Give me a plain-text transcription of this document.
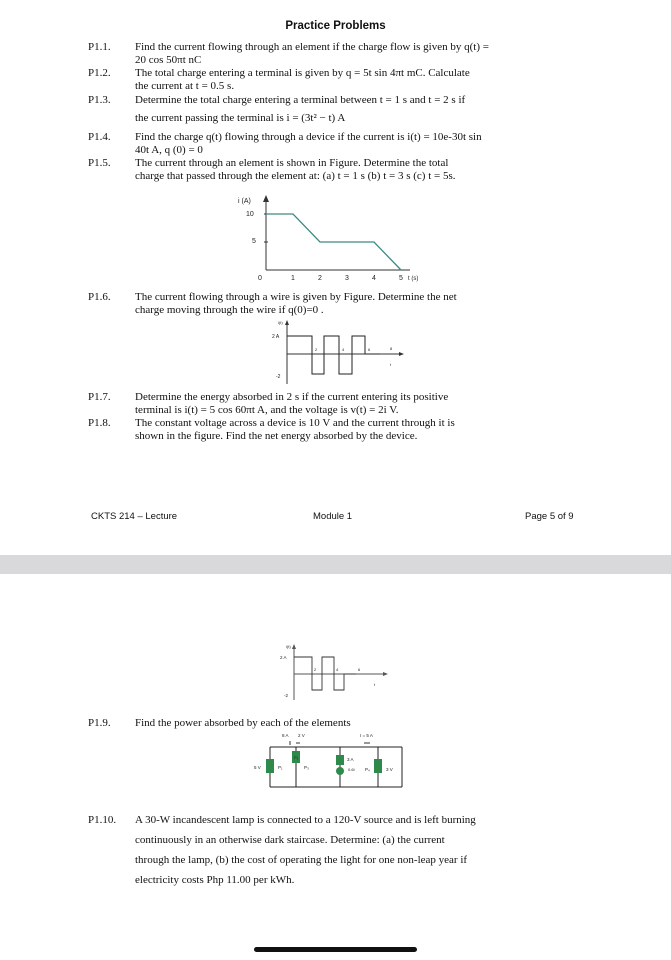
Practice Problems
P1.1.	Find the current flowing through an element if the charge flow is given by q(t) =
20 cos 50πt nC
P1.2.	The total charge entering a terminal is given by q = 5t sin 4πt mC. Calculate
the current at t = 0.5 s.
P1.3.	Determine the total charge entering a terminal between t = 1 s and t = 2 s if
the current passing the terminal is i = (3t² − t) A
P1.4.	Find the charge q(t) flowing through a device if the current is i(t) = 10e-30t sin
40t A, q (0) = 0
P1.5.	The current through an element is shown in Figure. Determine the total
charge that passed through the element at: (a) t = 1 s (b) t = 3 s (c) t = 5s.
i (A)
10
5
0	1	2	3	4	5 t (s)
P1.6.	The current flowing through a wire is given by Figure. Determine the net
charge moving through the wire if q(0)=0 .
i(t)
2 A
-2
2	4	6	8
t
P1.7.	Determine the energy absorbed in 2 s if the current entering its positive
terminal is i(t) = 5 cos 60πt A, and the voltage is v(t) = 2i V.
P1.8.	The constant voltage across a device is 10 V and the current through it is
shown in the figure. Find the net energy absorbed by the device.
CKTS 214 – Lecture	Module 1	Page 5 of 9
i(t)
2 A
-2
2	4	6
t
P1.9.	Find the power absorbed by each of the elements
8 A 2 V	I = 5 A
5 V	P₁
P₂
P₃
3 A
0.6I P₄	3 V
P1.10. A 30-W incandescent lamp is connected to a 120-V source and is left burning
continuously in an otherwise dark staircase. Determine: (a) the current
through the lamp, (b) the cost of operating the light for one non-leap year if
electricity costs Php 11.00 per kWh.
